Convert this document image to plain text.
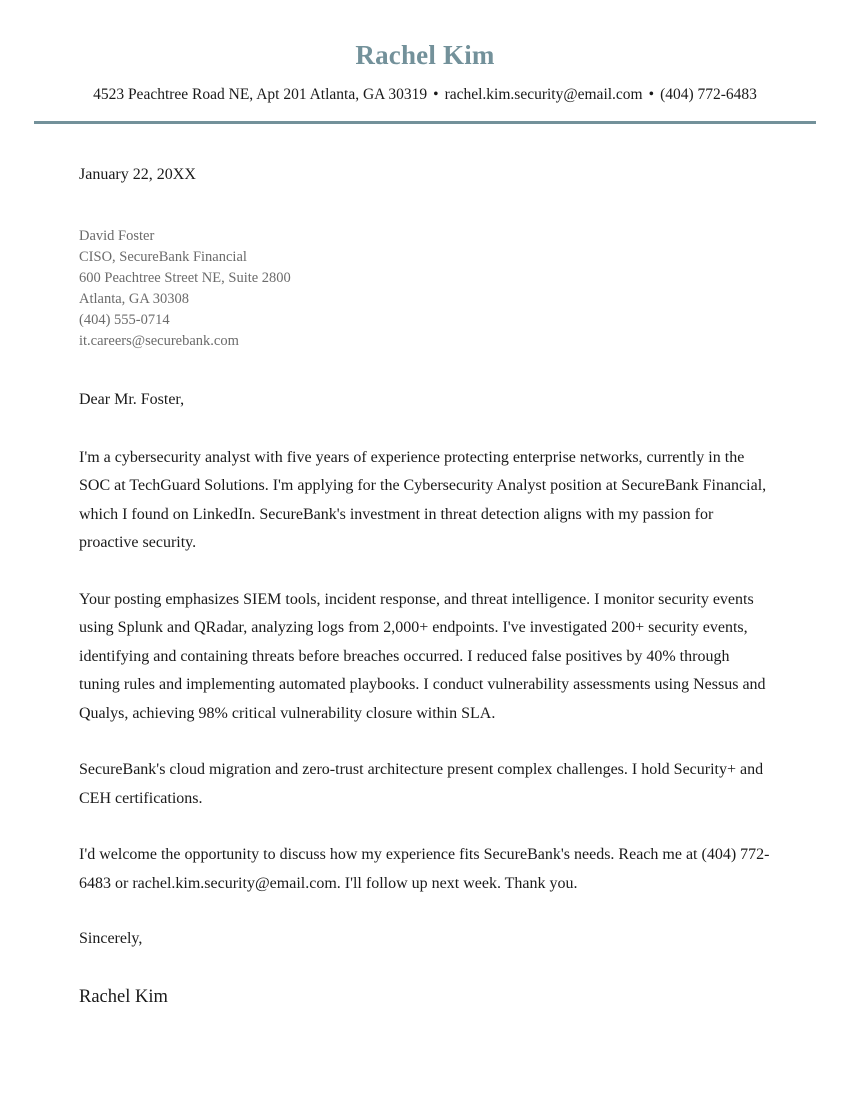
Rachel Kim
4523 Peachtree Road NE, Apt 201 Atlanta, GA 30319 • rachel.kim.security@email.com • (404) 772-6483
January 22, 20XX
David Foster
CISO, SecureBank Financial
600 Peachtree Street NE, Suite 2800
Atlanta, GA 30308
(404) 555-0714
it.careers@securebank.com
Dear Mr. Foster,

I'm a cybersecurity analyst with five years of experience protecting enterprise networks, currently in the SOC at TechGuard Solutions. I'm applying for the Cybersecurity Analyst position at SecureBank Financial, which I found on LinkedIn. SecureBank's investment in threat detection aligns with my passion for proactive security.

Your posting emphasizes SIEM tools, incident response, and threat intelligence. I monitor security events using Splunk and QRadar, analyzing logs from 2,000+ endpoints. I've investigated 200+ security events, identifying and containing threats before breaches occurred. I reduced false positives by 40% through tuning rules and implementing automated playbooks. I conduct vulnerability assessments using Nessus and Qualys, achieving 98% critical vulnerability closure within SLA.

SecureBank's cloud migration and zero-trust architecture present complex challenges. I hold Security+ and CEH certifications.

I'd welcome the opportunity to discuss how my experience fits SecureBank's needs. Reach me at (404) 772-6483 or rachel.kim.security@email.com. I'll follow up next week. Thank you.

Sincerely,
Rachel Kim
